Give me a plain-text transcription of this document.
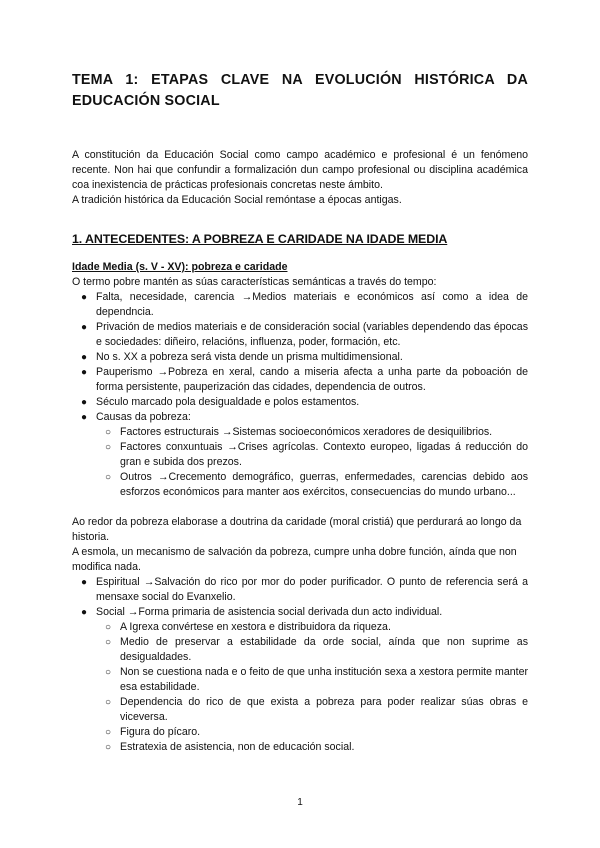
TEMA 1: ETAPAS CLAVE NA EVOLUCIÓN HISTÓRICA DA
EDUCACIÓN SOCIAL

A constitución da Educación Social como campo académico e profesional é un fenómeno recente. Non hai que confundir a formalización dun campo profesional ou disciplina académica coa inexistencia de prácticas profesionais concretas neste ámbito.

A tradición histórica da Educación Social remóntase a épocas antigas.

1. ANTECEDENTES: A POBREZA E CARIDADE NA IDADE MEDIA
Idade Media (s. V - XV): pobreza e caridade

O termo pobre mantén as súas características semánticas a través do tempo:

● Falta, necesidade, carencia →Medios materiais e económicos así como a idea de dependncia.
● Privación de medios materiais e de consideración social (variables dependendo das épocas e sociedades: diñeiro, relacións, influenza, poder, formación, etc.
● No s. XX a pobreza será vista dende un prisma multidimensional.
● Pauperismo →Pobreza en xeral, cando a miseria afecta a unha parte da poboación de forma persistente, pauperización das cidades, dependencia de outros.
● Século marcado pola desigualdade e polos estamentos.
● Causas da pobreza:
○ Factores estructurais →Sistemas socioeconómicos xeradores de desiquilibrios.
○ Factores conxuntuais →Crises agrícolas. Contexto europeo, ligadas á reducción do gran e subida dos prezos.
○ Outros →Crecemento demográfico, guerras, enfermedades, carencias debido aos esforzos económicos para manter aos exércitos, consecuencias do mundo urbano...

Ao redor da pobreza elaborase a doutrina da caridade (moral cristiá) que perdurará ao longo da historia.

A esmola, un mecanismo de salvación da pobreza, cumpre unha dobre función, aínda que non modifica nada.

● Espiritual →Salvación do rico por mor do poder purificador. O punto de referencia será a mensaxe social do Evanxelio.
● Social →Forma primaria de asistencia social derivada dun acto individual.
○ A Igrexa convértese en xestora e distribuidora da riqueza.
○ Medio de preservar a estabilidade da orde social, aínda que non suprime as desigualdades.
○ Non se cuestiona nada e o feito de que unha institución sexa a xestora permite manter esa estabilidade.
○ Dependencia do rico de que exista a pobreza para poder realizar súas obras e viceversa.
○ Figura do pícaro.
○ Estratexia de asistencia, non de educación social.
1
